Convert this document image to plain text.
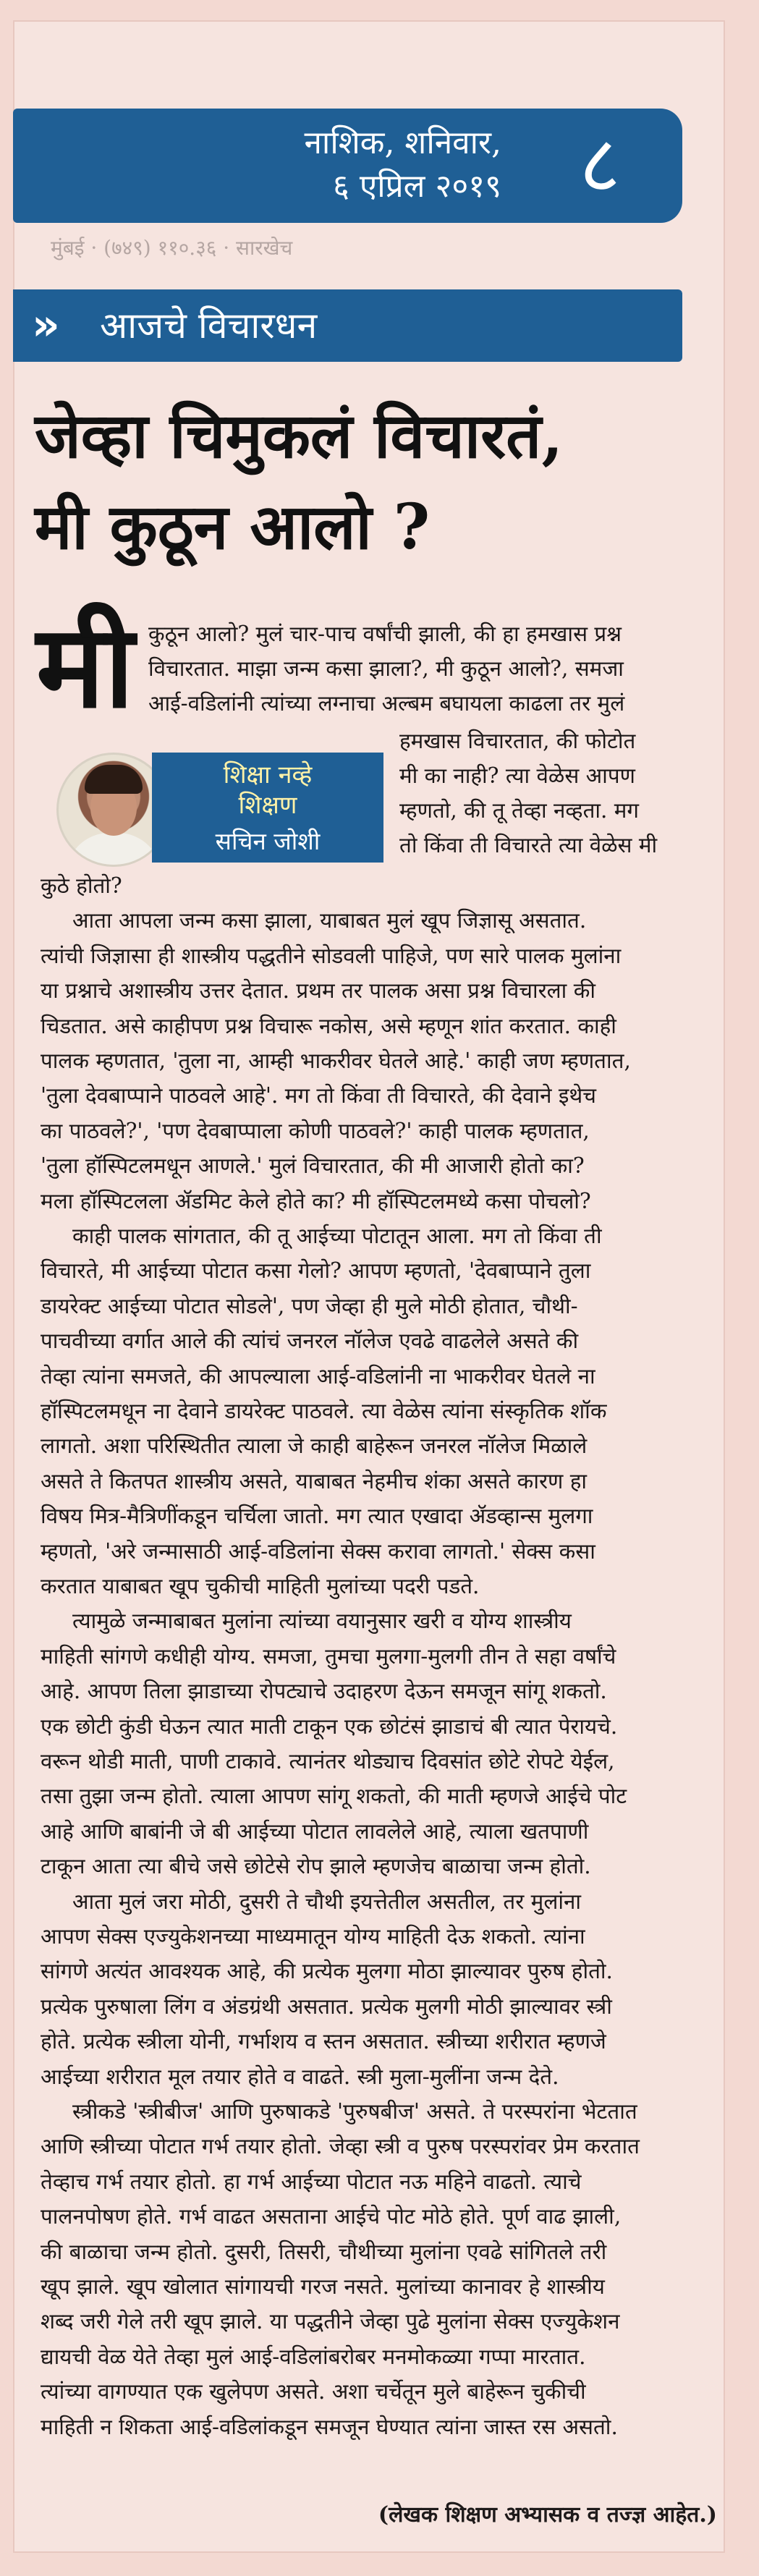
नाशिक, शनिवार,
६ एप्रिल २०१९ ८
मुंबई · (७४९) ११०.३६ · सारखेच
» आजचे विचारधन
जेव्हा चिमुकलं विचारतं,
मी कुठून आलो ?
मी
शिक्षा नव्हे
शिक्षण
सचिन जोशी
कुठून आलो? मुलं चार-पाच वर्षांची झाली, की हा हमखास प्रश्न
विचारतात. माझा जन्म कसा झाला?, मी कुठून आलो?, समजा
आई-वडिलांनी त्यांच्या लग्नाचा अल्बम बघायला काढला तर मुलं
हमखास विचारतात, की फोटोत
मी का नाही? त्या वेळेस आपण
म्हणतो, की तू तेव्हा नव्हता. मग
तो किंवा ती विचारते त्या वेळेस मी
कुठे होतो?
आता आपला जन्म कसा झाला, याबाबत मुलं खूप जिज्ञासू असतात.
त्यांची जिज्ञासा ही शास्त्रीय पद्धतीने सोडवली पाहिजे, पण सारे पालक मुलांना
या प्रश्नाचे अशास्त्रीय उत्तर देतात. प्रथम तर पालक असा प्रश्न विचारला की
चिडतात. असे काहीपण प्रश्न विचारू नकोस, असे म्हणून शांत करतात. काही
पालक म्हणतात, 'तुला ना, आम्ही भाकरीवर घेतले आहे.' काही जण म्हणतात,
'तुला देवबाप्पाने पाठवले आहे'. मग तो किंवा ती विचारते, की देवाने इथेच
का पाठवले?', 'पण देवबाप्पाला कोणी पाठवले?' काही पालक म्हणतात,
'तुला हॉस्पिटलमधून आणले.' मुलं विचारतात, की मी आजारी होतो का?
मला हॉस्पिटलला ॲडमिट केले होते का? मी हॉस्पिटलमध्ये कसा पोचलो?
काही पालक सांगतात, की तू आईच्या पोटातून आला. मग तो किंवा ती
विचारते, मी आईच्या पोटात कसा गेलो? आपण म्हणतो, 'देवबाप्पाने तुला
डायरेक्ट आईच्या पोटात सोडले', पण जेव्हा ही मुले मोठी होतात, चौथी-
पाचवीच्या वर्गात आले की त्यांचं जनरल नॉलेज एवढे वाढलेले असते की
तेव्हा त्यांना समजते, की आपल्याला आई-वडिलांनी ना भाकरीवर घेतले ना
हॉस्पिटलमधून ना देवाने डायरेक्ट पाठवले. त्या वेळेस त्यांना संस्कृतिक शॉक
लागतो. अशा परिस्थितीत त्याला जे काही बाहेरून जनरल नॉलेज मिळाले
असते ते कितपत शास्त्रीय असते, याबाबत नेहमीच शंका असते कारण हा
विषय मित्र-मैत्रिणींकडून चर्चिला जातो. मग त्यात एखादा ॲडव्हान्स मुलगा
म्हणतो, 'अरे जन्मासाठी आई-वडिलांना सेक्स करावा लागतो.' सेक्स कसा
करतात याबाबत खूप चुकीची माहिती मुलांच्या पदरी पडते.
त्यामुळे जन्माबाबत मुलांना त्यांच्या वयानुसार खरी व योग्य शास्त्रीय
माहिती सांगणे कधीही योग्य. समजा, तुमचा मुलगा-मुलगी तीन ते सहा वर्षांचे
आहे. आपण तिला झाडाच्या रोपट्याचे उदाहरण देऊन समजून सांगू शकतो.
एक छोटी कुंडी घेऊन त्यात माती टाकून एक छोटंसं झाडाचं बी त्यात पेरायचे.
वरून थोडी माती, पाणी टाकावे. त्यानंतर थोड्याच दिवसांत छोटे रोपटे येईल,
तसा तुझा जन्म होतो. त्याला आपण सांगू शकतो, की माती म्हणजे आईचे पोट
आहे आणि बाबांनी जे बी आईच्या पोटात लावलेले आहे, त्याला खतपाणी
टाकून आता त्या बीचे जसे छोटेसे रोप झाले म्हणजेच बाळाचा जन्म होतो.
आता मुलं जरा मोठी, दुसरी ते चौथी इयत्तेतील असतील, तर मुलांना
आपण सेक्स एज्युकेशनच्या माध्यमातून योग्य माहिती देऊ शकतो. त्यांना
सांगणे अत्यंत आवश्यक आहे, की प्रत्येक मुलगा मोठा झाल्यावर पुरुष होतो.
प्रत्येक पुरुषाला लिंग व अंडग्रंथी असतात. प्रत्येक मुलगी मोठी झाल्यावर स्त्री
होते. प्रत्येक स्त्रीला योनी, गर्भाशय व स्तन असतात. स्त्रीच्या शरीरात म्हणजे
आईच्या शरीरात मूल तयार होते व वाढते. स्त्री मुला-मुलींना जन्म देते.
स्त्रीकडे 'स्त्रीबीज' आणि पुरुषाकडे 'पुरुषबीज' असते. ते परस्परांना भेटतात
आणि स्त्रीच्या पोटात गर्भ तयार होतो. जेव्हा स्त्री व पुरुष परस्परांवर प्रेम करतात
तेव्हाच गर्भ तयार होतो. हा गर्भ आईच्या पोटात नऊ महिने वाढतो. त्याचे
पालनपोषण होते. गर्भ वाढत असताना आईचे पोट मोठे होते. पूर्ण वाढ झाली,
की बाळाचा जन्म होतो. दुसरी, तिसरी, चौथीच्या मुलांना एवढे सांगितले तरी
खूप झाले. खूप खोलात सांगायची गरज नसते. मुलांच्या कानावर हे शास्त्रीय
शब्द जरी गेले तरी खूप झाले. या पद्धतीने जेव्हा पुढे मुलांना सेक्स एज्युकेशन
द्यायची वेळ येते तेव्हा मुलं आई-वडिलांबरोबर मनमोकळ्या गप्पा मारतात.
त्यांच्या वागण्यात एक खुलेपण असते. अशा चर्चेतून मुले बाहेरून चुकीची
माहिती न शिकता आई-वडिलांकडून समजून घेण्यात त्यांना जास्त रस असतो.
(लेखक शिक्षण अभ्यासक व तज्ज्ञ आहेत.)
